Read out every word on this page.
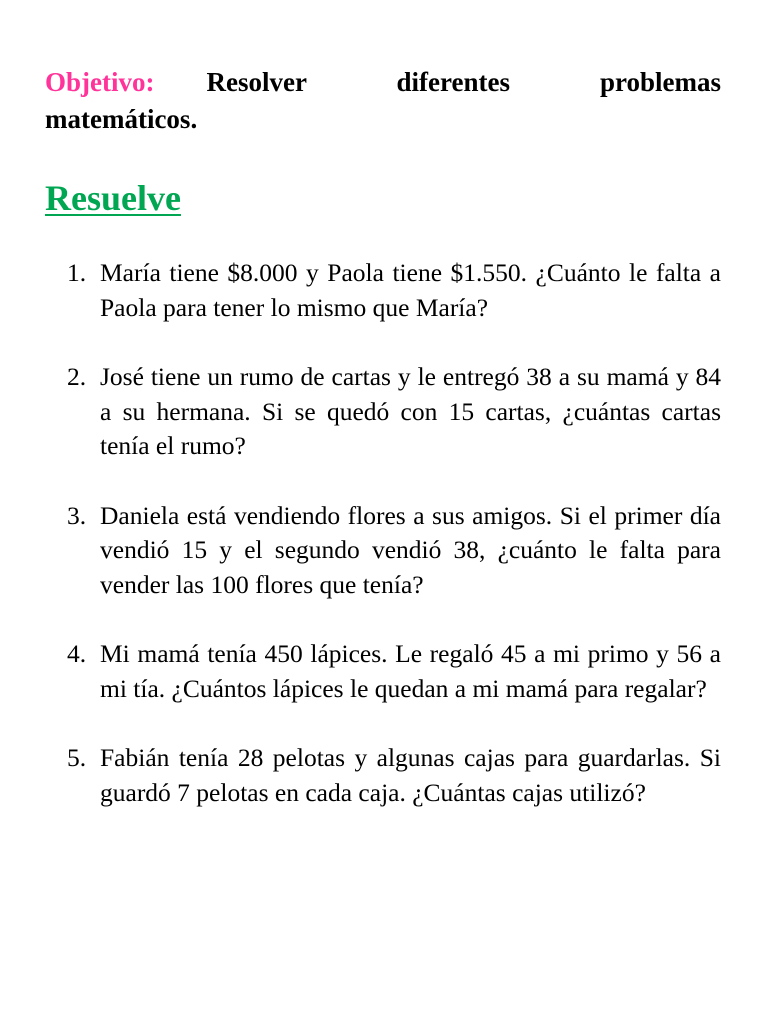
Objetivo: Resolver diferentes problemas matemáticos.

Resuelve
1. María tiene $8.000 y Paola tiene $1.550. ¿Cuánto le falta a Paola para tener lo mismo que María?
2. José tiene un rumo de cartas y le entregó 38 a su mamá y 84 a su hermana. Si se quedó con 15 cartas, ¿cuántas cartas tenía el rumo?
3. Daniela está vendiendo flores a sus amigos. Si el primer día vendió 15 y el segundo vendió 38, ¿cuánto le falta para vender las 100 flores que tenía?
4. Mi mamá tenía 450 lápices. Le regaló 45 a mi primo y 56 a mi tía. ¿Cuántos lápices le quedan a mi mamá para regalar?
5. Fabián tenía 28 pelotas y algunas cajas para guardarlas. Si guardó 7 pelotas en cada caja. ¿Cuántas cajas utilizó?
